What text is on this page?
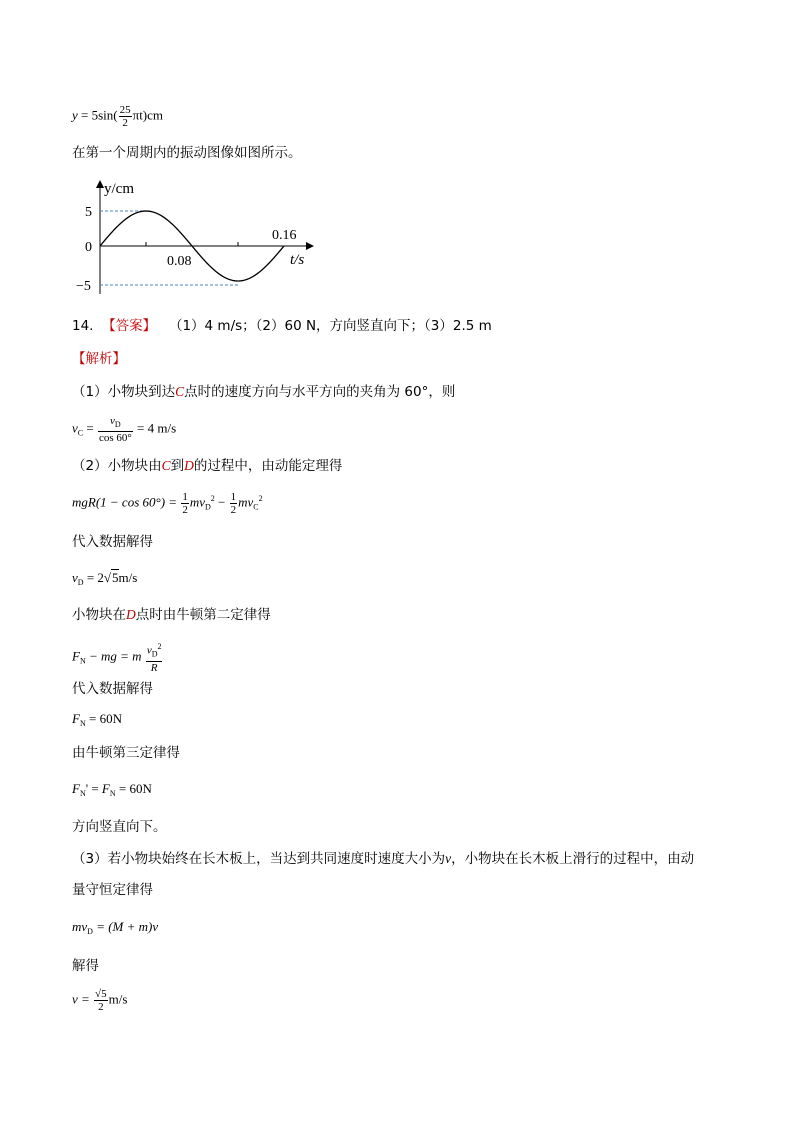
$y = 5\sin( \frac{25}{2} \pi t)cm$
在第一个周期内的振动图像如图所示。
y/cm
5
0
−5
0.08
0.16
t/s
14. 【答案】 （1）4 m/s；（2）60 N，方向竖直向下；（3）2.5 m
【解析】
（1）小物块到达C点时的速度方向与水平方向的夹角为 60°，则
$v_C = \frac{v_D}{\cos 60^\circ} = 4$ m/s
（2）小物块由C到D的过程中，由动能定理得
$mgR(1 - \cos 60^\circ) = \frac{1}{2} mv_D^2 - \frac{1}{2} mv_C^2$
代入数据解得
$v_D = 2√5m/s$
小物块在D点时由牛顿第二定律得
$F_N$ − mg = m $\frac{v_D^2}{R}$
代入数据解得
$F_N = 60N$
由牛顿第三定律得
$F_N' = F_N = 60N$
方向竖直向下。
（3）若小物块始终在长木板上，当达到共同速度时速度大小为v，小物块在长木板上滑行的过程中，由动
量守恒定律得
$mv_D = (M + m)v$
解得
$v = \frac{√5}{2} m/s$
